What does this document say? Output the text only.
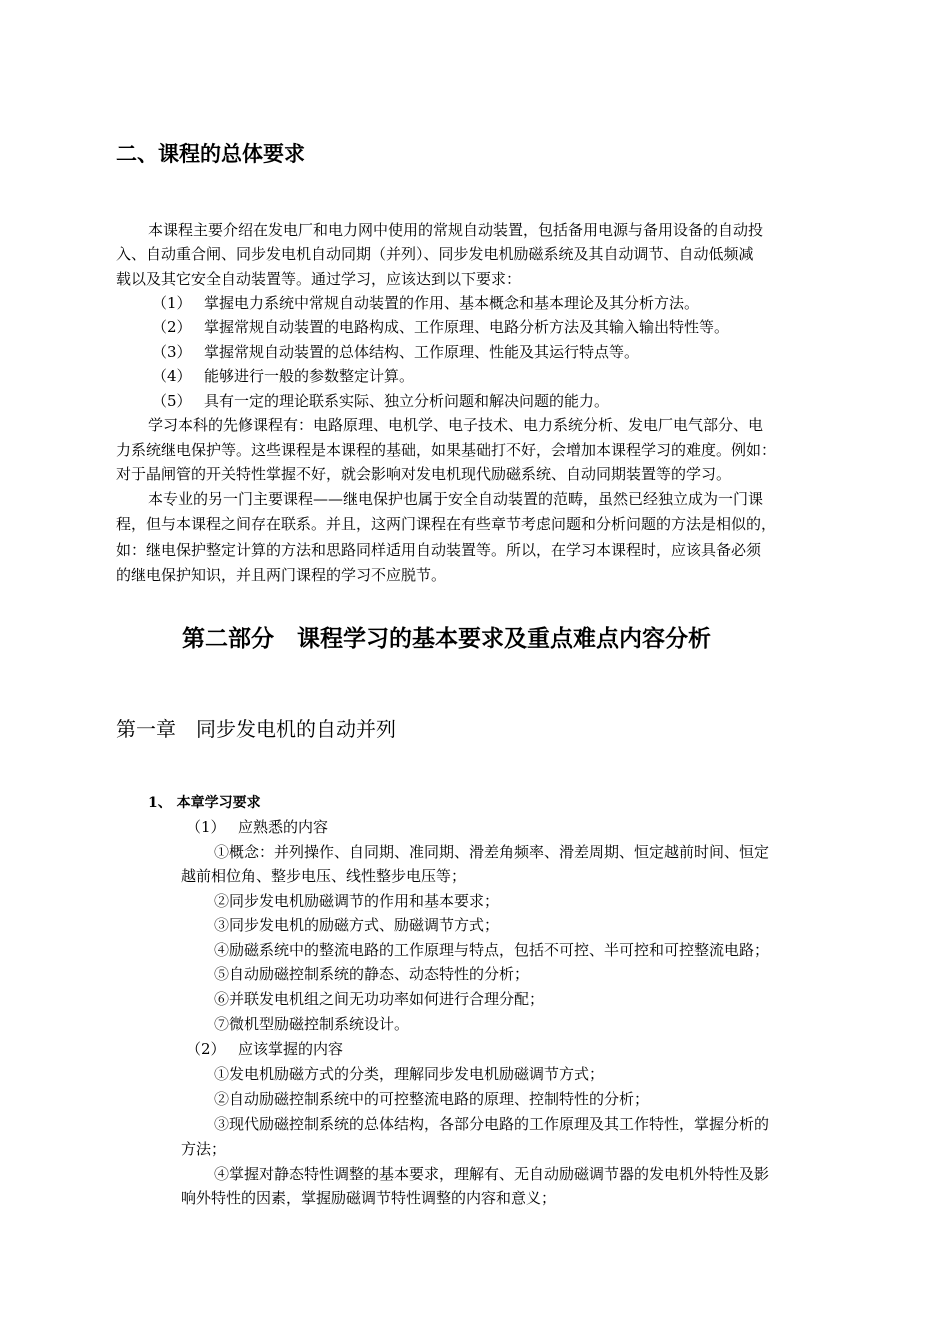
二、课程的总体要求
本课程主要介绍在发电厂和电力网中使用的常规自动装置，包括备用电源与备用设备的自动投
入、自动重合闸、同步发电机自动同期（并列）、同步发电机励磁系统及其自动调节、自动低频减
载以及其它安全自动装置等。通过学习，应该达到以下要求：
（1） 掌握电力系统中常规自动装置的作用、基本概念和基本理论及其分析方法。
（2） 掌握常规自动装置的电路构成、工作原理、电路分析方法及其输入输出特性等。
（3） 掌握常规自动装置的总体结构、工作原理、性能及其运行特点等。
（4） 能够进行一般的参数整定计算。
（5） 具有一定的理论联系实际、独立分析问题和解决问题的能力。
学习本科的先修课程有：电路原理、电机学、电子技术、电力系统分析、发电厂电气部分、电
力系统继电保护等。这些课程是本课程的基础，如果基础打不好，会增加本课程学习的难度。例如：
对于晶闸管的开关特性掌握不好，就会影响对发电机现代励磁系统、自动同期装置等的学习。
本专业的另一门主要课程——继电保护也属于安全自动装置的范畴，虽然已经独立成为一门课
程，但与本课程之间存在联系。并且，这两门课程在有些章节考虑问题和分析问题的方法是相似的，
如：继电保护整定计算的方法和思路同样适用自动装置等。所以，在学习本课程时，应该具备必须
的继电保护知识，并且两门课程的学习不应脱节。
第二部分　课程学习的基本要求及重点难点内容分析
第一章　同步发电机的自动并列
1、 本章学习要求
（1） 应熟悉的内容
①概念：并列操作、自同期、准同期、滑差角频率、滑差周期、恒定越前时间、恒定
越前相位角、整步电压、线性整步电压等；
②同步发电机励磁调节的作用和基本要求；
③同步发电机的励磁方式、励磁调节方式；
④励磁系统中的整流电路的工作原理与特点，包括不可控、半可控和可控整流电路；
⑤自动励磁控制系统的静态、动态特性的分析；
⑥并联发电机组之间无功功率如何进行合理分配；
⑦微机型励磁控制系统设计。
（2） 应该掌握的内容
①发电机励磁方式的分类，理解同步发电机励磁调节方式；
②自动励磁控制系统中的可控整流电路的原理、控制特性的分析；
③现代励磁控制系统的总体结构，各部分电路的工作原理及其工作特性，掌握分析的
方法；
④掌握对静态特性调整的基本要求，理解有、无自动励磁调节器的发电机外特性及影
响外特性的因素，掌握励磁调节特性调整的内容和意义；
